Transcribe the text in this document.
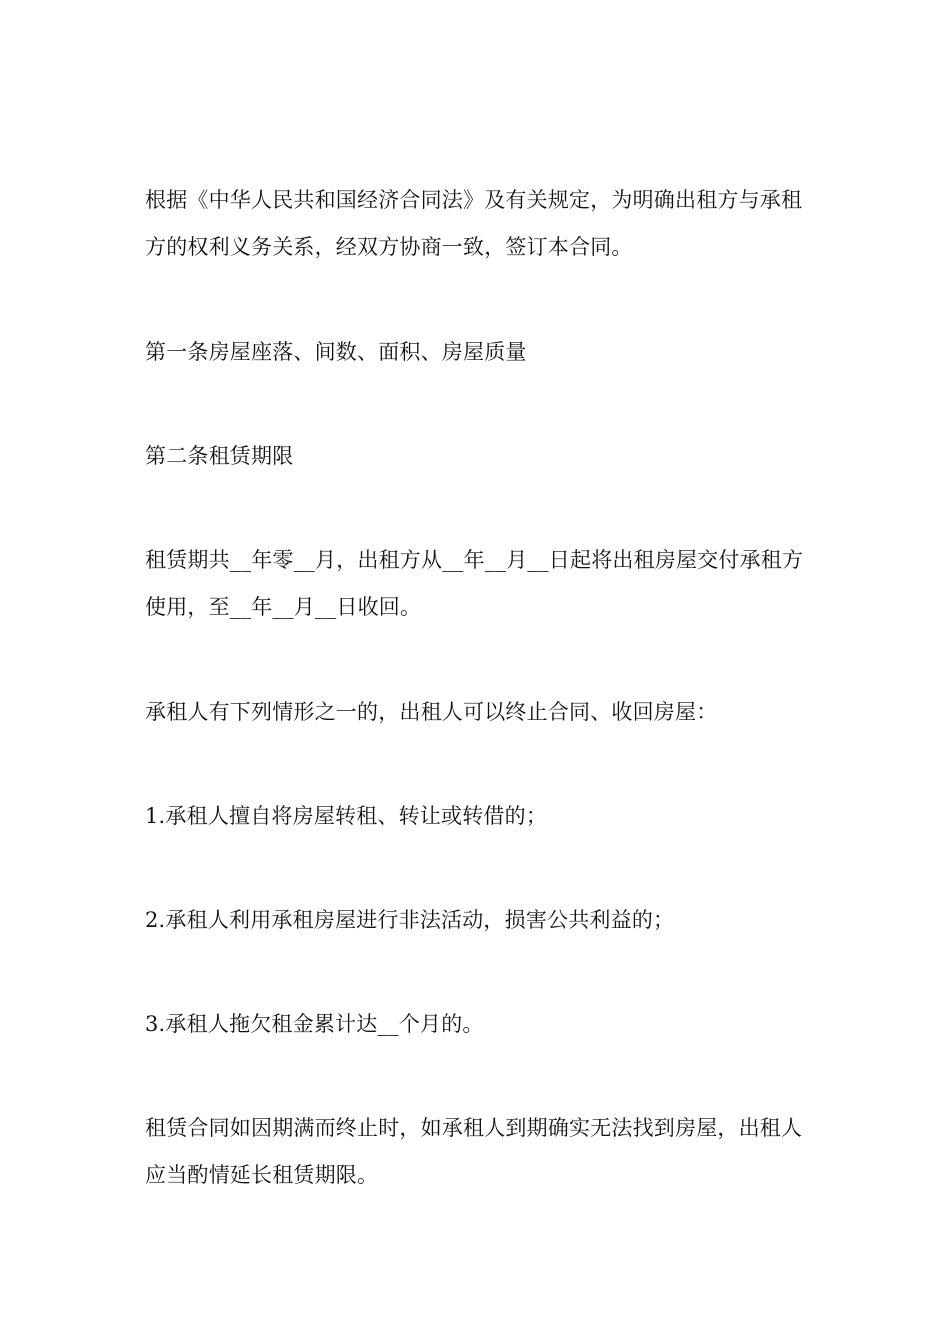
根据《中华人民共和国经济合同法》及有关规定，为明确出租方与承租方的权利义务关系，经双方协商一致，签订本合同。

第一条房屋座落、间数、面积、房屋质量

第二条租赁期限

租赁期共__年零__月，出租方从__年__月__日起将出租房屋交付承租方使用，至__年__月__日收回。

承租人有下列情形之一的，出租人可以终止合同、收回房屋：

1.承租人擅自将房屋转租、转让或转借的；

2.承租人利用承租房屋进行非法活动，损害公共利益的；

3.承租人拖欠租金累计达__个月的。

租赁合同如因期满而终止时，如承租人到期确实无法找到房屋，出租人应当酌情延长租赁期限。
